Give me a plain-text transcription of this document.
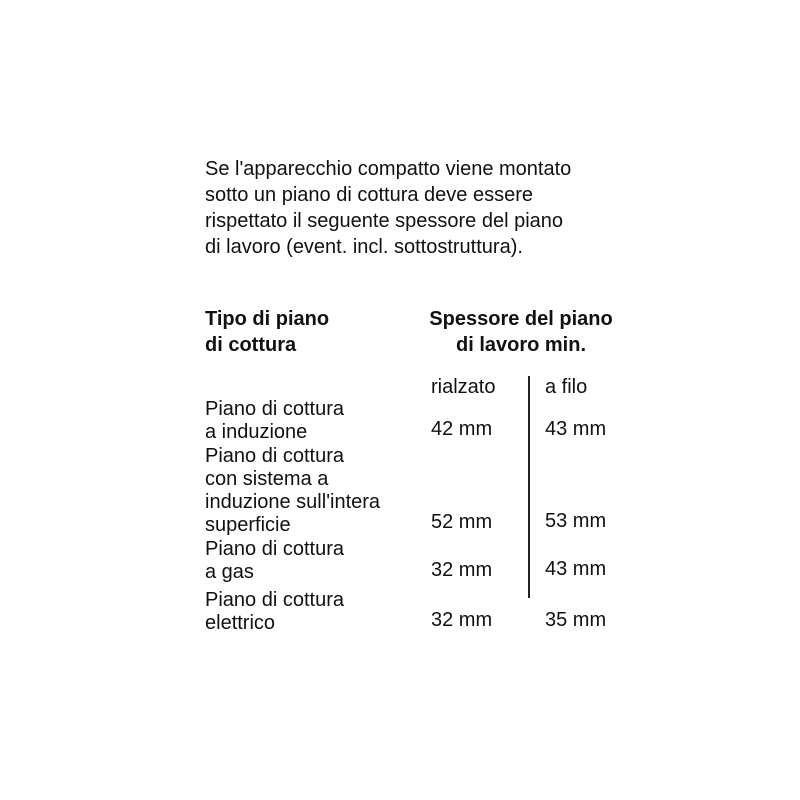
Se l'apparecchio compatto viene montato
sotto un piano di cottura deve essere
rispettato il seguente spessore del piano
di lavoro (event. incl. sottostruttura).
Tipo di piano
di cottura
Spessore del piano
di lavoro min.
rialzato a filo
Piano di cottura
a induzione	42 mm	43 mm
Piano di cottura
con sistema a
induzione sull'intera
superficie	52 mm	53 mm
Piano di cottura
a gas	32 mm	43 mm
Piano di cottura
elettrico	32 mm	35 mm
